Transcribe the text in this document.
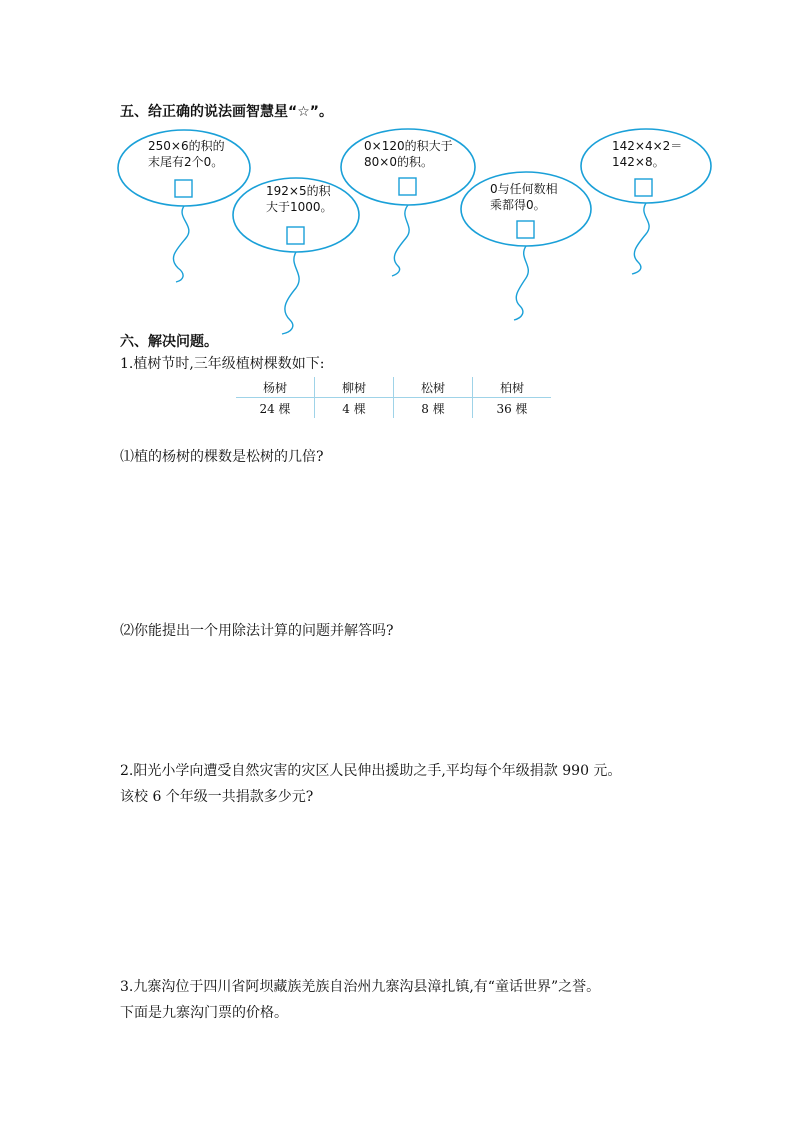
五、给正确的说法画智慧星“☆”。
250×6的积的
末尾有2个0。
192×5的积
大于1000。
0×120的积大于
80×0的积。
0与任何数相
乘都得0。
142×4×2＝
142×8。
六、解决问题。
1.植树节时,三年级植树棵数如下:
杨树	柳树	松树	柏树
24 棵	4 棵	8 棵	36 棵
⑴植的杨树的棵数是松树的几倍?
⑵你能提出一个用除法计算的问题并解答吗?
2.阳光小学向遭受自然灾害的灾区人民伸出援助之手,平均每个年级捐款 990 元。
该校 6 个年级一共捐款多少元?
3.九寨沟位于四川省阿坝藏族羌族自治州九寨沟县漳扎镇,有“童话世界”之誉。
下面是九寨沟门票的价格。
